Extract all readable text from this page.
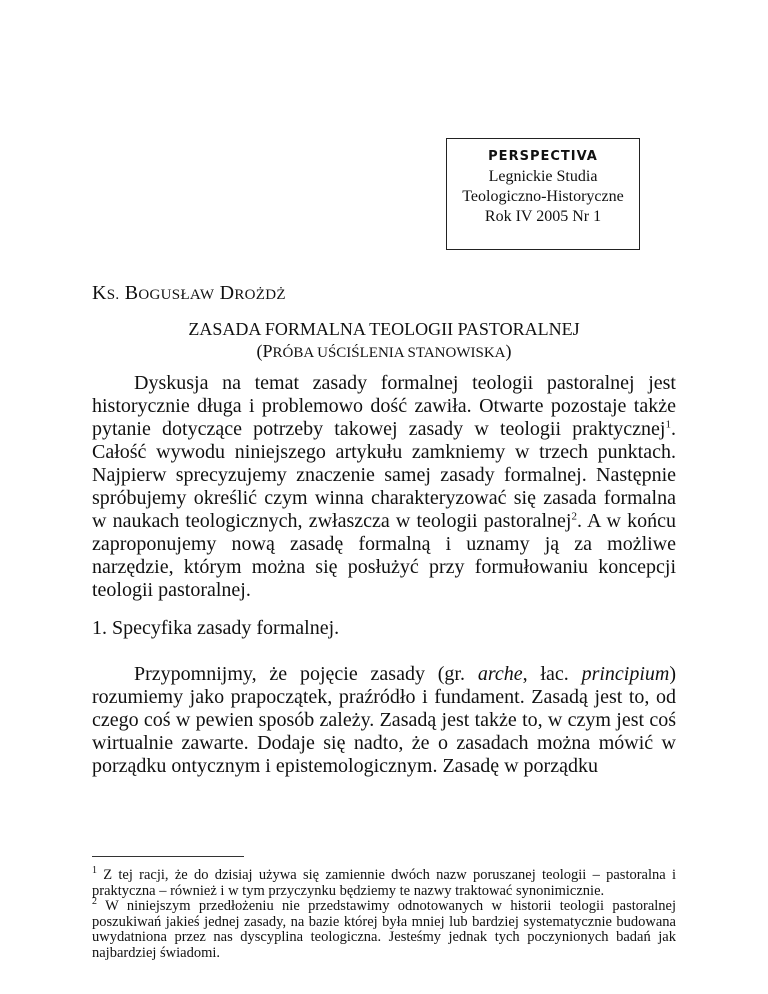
PERSPECTIVA
Legnickie Studia
Teologiczno-Historyczne
Rok IV 2005 Nr 1
KS. BOGUSŁAW DROŻDŻ
ZASADA FORMALNA TEOLOGII PASTORALNEJ
(PRÓBA UŚCIŚLENIA STANOWISKA)

Dyskusja na temat zasady formalnej teologii pastoralnej jest historycznie długa i problemowo dość zawiła. Otwarte pozostaje także pytanie dotyczące potrzeby takowej zasady w teologii praktycznej$^1$. Całość wywodu niniejszego artykułu zamkniemy w trzech punktach. Najpierw sprecyzujemy znaczenie samej zasady formalnej. Następnie spróbujemy określić czym winna charakteryzować się zasada formalna w naukach teologicznych, zwłaszcza w teologii pastoralnej$^2$. A w końcu zaproponujemy nową zasadę formalną i uznamy ją za możliwe narzędzie, którym można się posłużyć przy formułowaniu koncepcji teologii pastoralnej.

1. Specyfika zasady formalnej.

Przypomnijmy, że pojęcie zasady (gr. arche, łac. principium) rozumiemy jako prapoczątek, praźródło i fundament. Zasadą jest to, od czego coś w pewien sposób zależy. Zasadą jest także to, w czym jest coś wirtualnie zawarte. Dodaje się nadto, że o zasadach można mówić w porządku ontycznym i epistemologicznym. Zasadę w porządku

$^1$ Z tej racji, że do dzisiaj używa się zamiennie dwóch nazw poruszanej teologii – pastoralna i praktyczna – również i w tym przyczynku będziemy te nazwy traktować synonimicznie.

$^2$ W niniejszym przedłożeniu nie przedstawimy odnotowanych w historii teologii pastoralnej poszukiwań jakieś jednej zasady, na bazie której była mniej lub bardziej systematycznie budowana uwydatniona przez nas dyscyplina teologiczna. Jesteśmy jednak tych poczynionych badań jak najbardziej świadomi.
